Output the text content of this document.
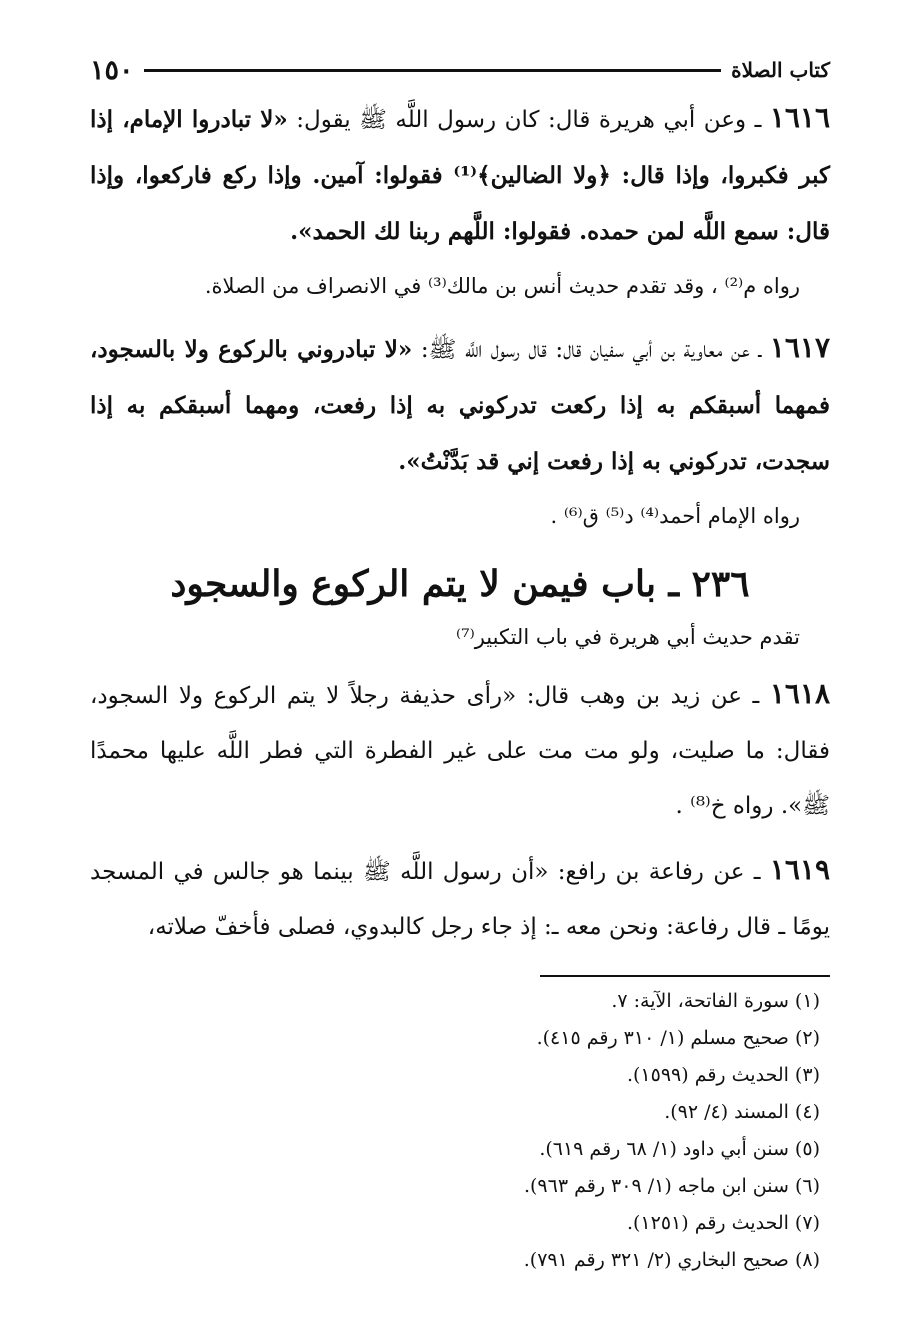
كتاب الصلاة
١٥٠

١٦١٦ ـ وعن أبي هريرة قال: كان رسول اللَّه ﷺ يقول: «لا تبادروا الإمام، إذا كبر فكبروا، وإذا قال: ﴿ولا الضالين﴾⁽¹⁾ فقولوا: آمين. وإذا ركع فاركعوا، وإذا قال: سمع اللَّه لمن حمده. فقولوا: اللَّهم ربنا لك الحمد».

رواه م⁽²⁾ ، وقد تقدم حديث أنس بن مالك⁽³⁾ في الانصراف من الصلاة.

١٦١٧ ـ عن معاوية بن أبي سفيان قال: قال رسول اللَّه ﷺ: «لا تبادروني بالركوع ولا بالسجود، فمهما أسبقكم به إذا ركعت تدركوني به إذا رفعت، ومهما أسبقكم به إذا سجدت، تدركوني به إذا رفعت إني قد بَدَّنْتُ».

رواه الإمام أحمد⁽⁴⁾ د⁽⁵⁾ ق⁽⁶⁾ .

٢٣٦ ـ باب فيمن لا يتم الركوع والسجود

تقدم حديث أبي هريرة في باب التكبير⁽⁷⁾

١٦١٨ ـ عن زيد بن وهب قال: «رأى حذيفة رجلاً لا يتم الركوع ولا السجود، فقال: ما صليت، ولو مت مت على غير الفطرة التي فطر اللَّه عليها محمدًا ﷺ». رواه خ⁽⁸⁾ .

١٦١٩ ـ عن رفاعة بن رافع: «أن رسول اللَّه ﷺ بينما هو جالس في المسجد يومًا ـ قال رفاعة: ونحن معه ـ: إذ جاء رجل كالبدوي، فصلى فأخفّ صلاته،

(١) سورة الفاتحة، الآية: ٧.
(٢) صحيح مسلم (١/ ٣١٠ رقم ٤١٥).
(٣) الحديث رقم (١٥٩٩).
(٤) المسند (٤/ ٩٢).
(٥) سنن أبي داود (١/ ٦٨ رقم ٦١٩).
(٦) سنن ابن ماجه (١/ ٣٠٩ رقم ٩٦٣).
(٧) الحديث رقم (١٢٥١).
(٨) صحيح البخاري (٢/ ٣٢١ رقم ٧٩١).
